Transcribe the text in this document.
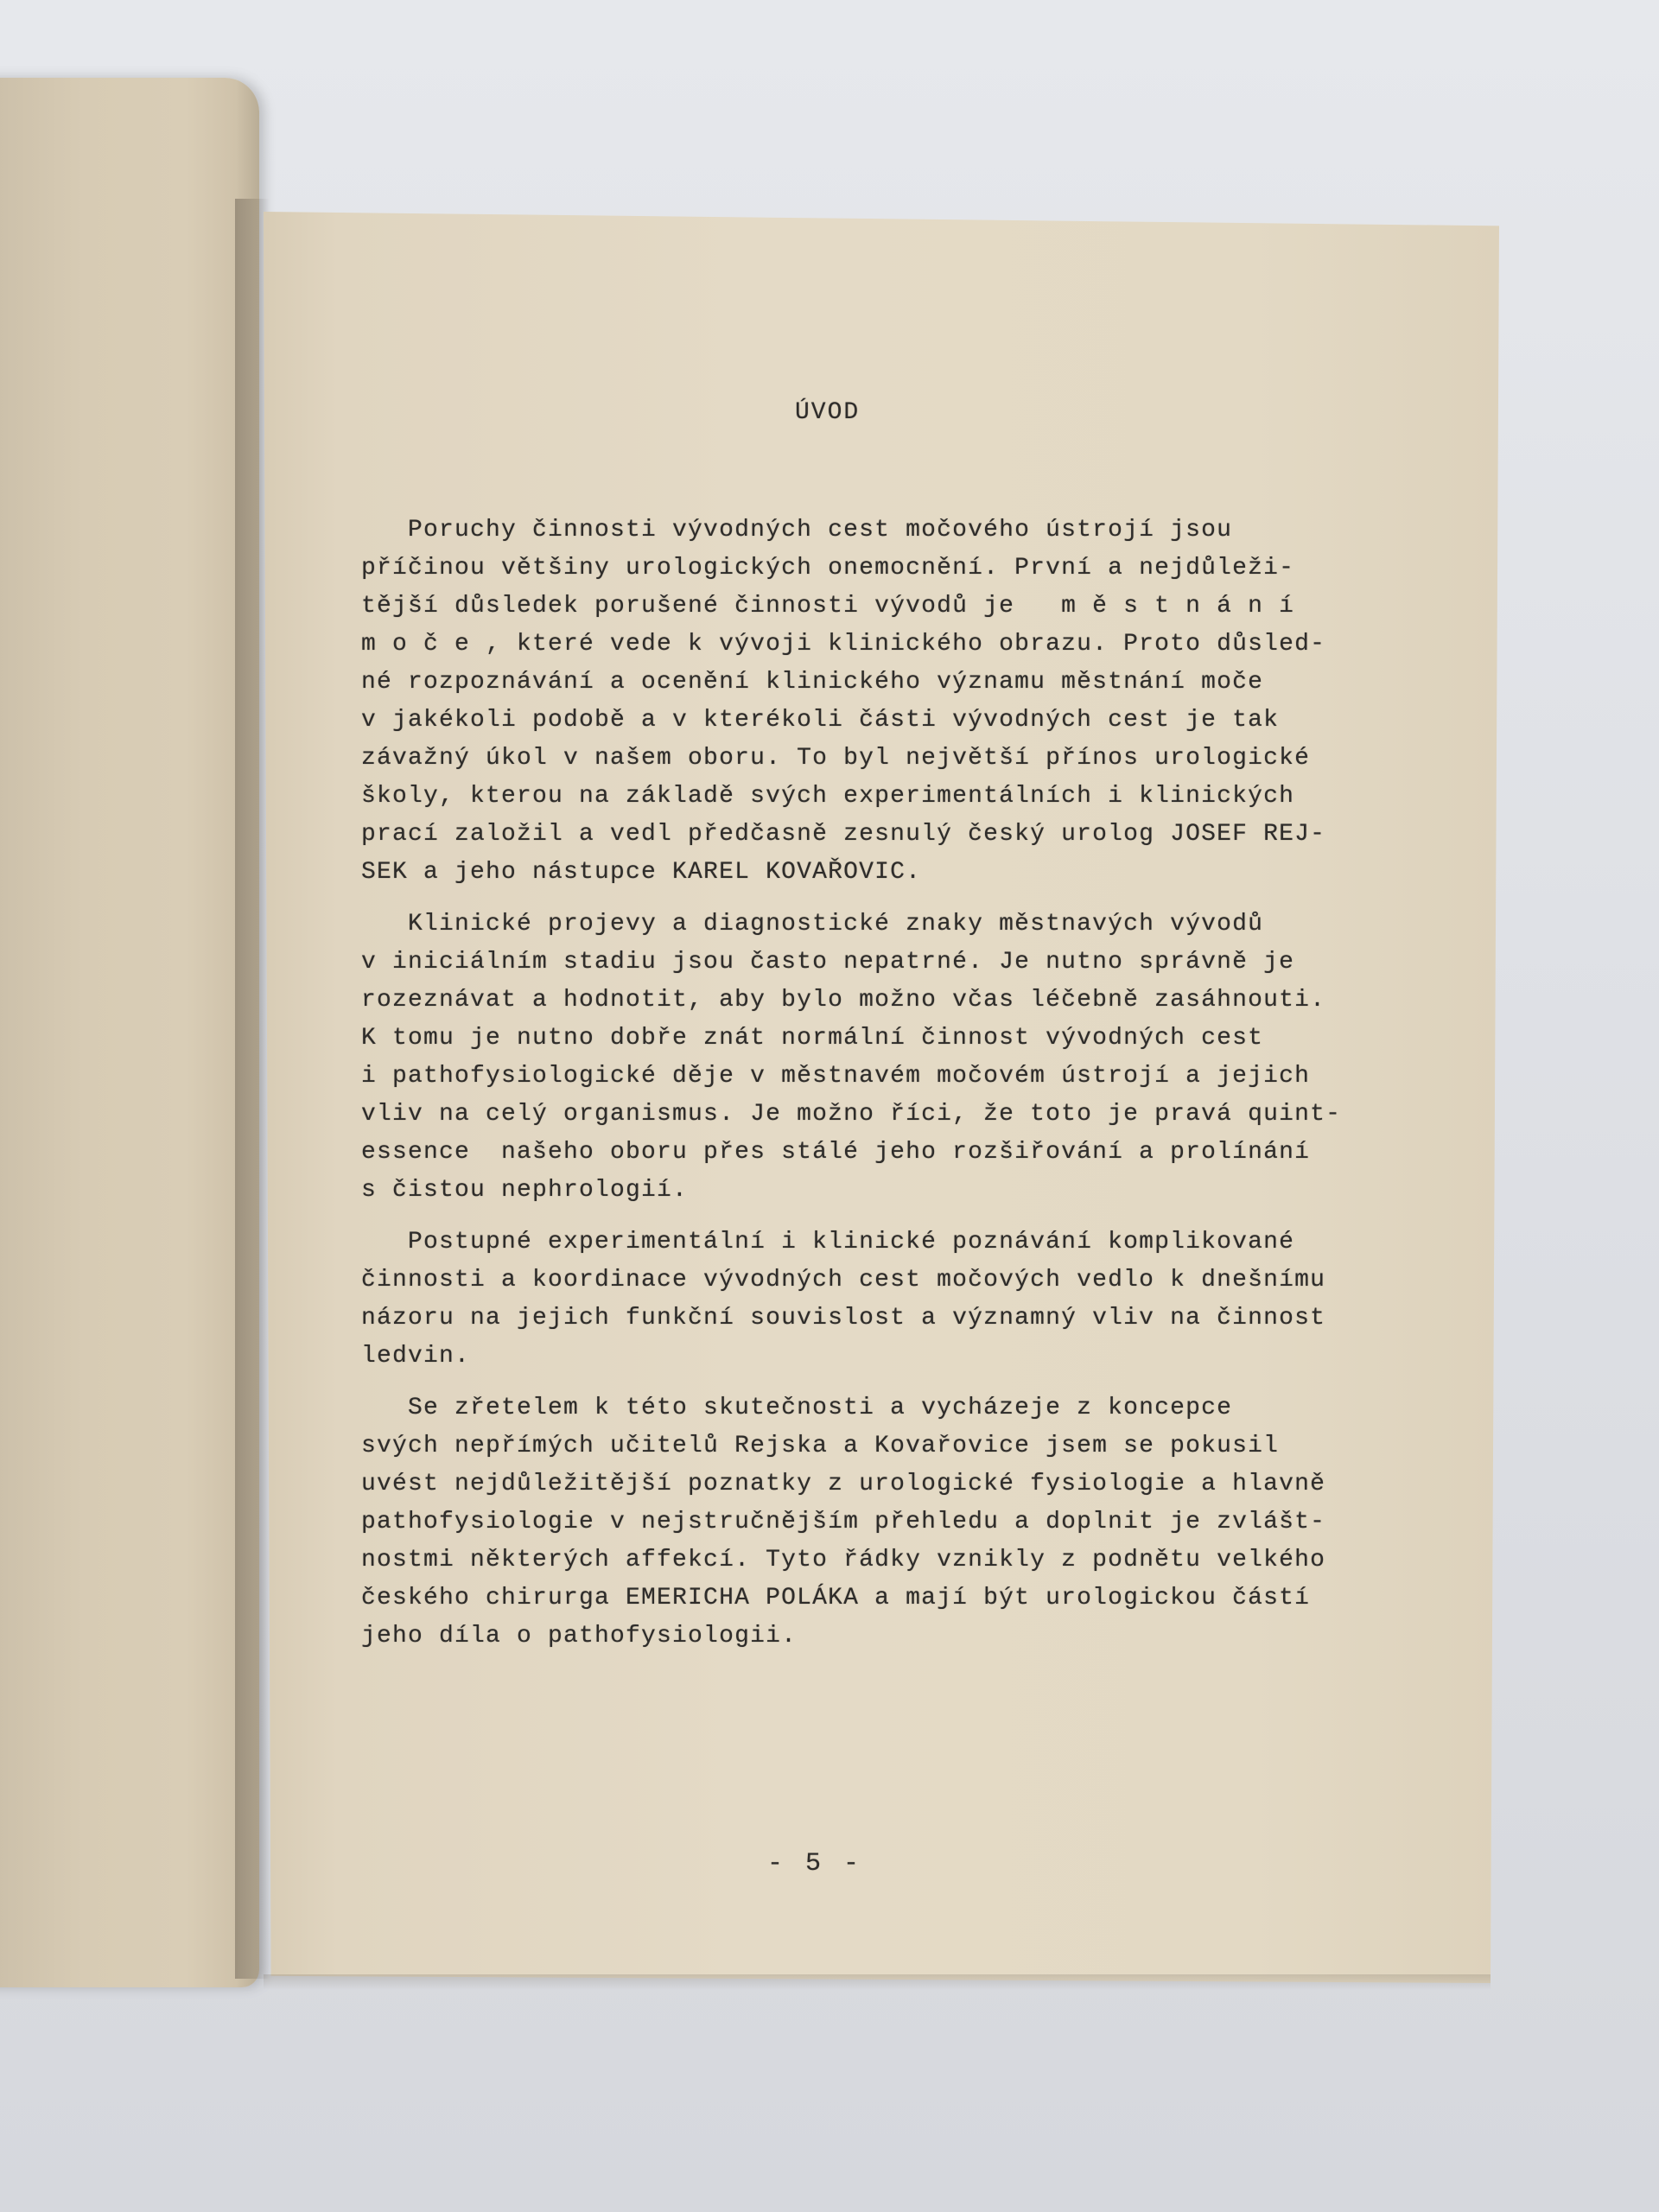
ÚVOD
Poruchy činnosti vývodných cest močového ústrojí jsou
příčinou většiny urologických onemocnění. První a nejdůleži-
tější důsledek porušené činnosti vývodů je   m ě s t n á n í
m o č e , které vede k vývoji klinického obrazu. Proto důsled-
né rozpoznávání a ocenění klinického významu městnání moče
v jakékoli podobě a v kterékoli části vývodných cest je tak
závažný úkol v našem oboru. To byl největší přínos urologické
školy, kterou na základě svých experimentálních i klinických
prací založil a vedl předčasně zesnulý český urolog JOSEF REJ-
SEK a jeho nástupce KAREL KOVAŘOVIC.
Klinické projevy a diagnostické znaky městnavých vývodů
v iniciálním stadiu jsou často nepatrné. Je nutno správně je
rozeznávat a hodnotit, aby bylo možno včas léčebně zasáhnouti.
K tomu je nutno dobře znát normální činnost vývodných cest
i pathofysiologické děje v městnavém močovém ústrojí a jejich
vliv na celý organismus. Je možno říci, že toto je pravá quint-
essence  našeho oboru přes stálé jeho rozšiřování a prolínání
s čistou nephrologií.
Postupné experimentální i klinické poznávání komplikované
činnosti a koordinace vývodných cest močových vedlo k dnešnímu
názoru na jejich funkční souvislost a významný vliv na činnost
ledvin.
Se zřetelem k této skutečnosti a vycházeje z koncepce
svých nepřímých učitelů Rejska a Kovařovice jsem se pokusil
uvést nejdůležitější poznatky z urologické fysiologie a hlavně
pathofysiologie v nejstručnějším přehledu a doplnit je zvlášt-
nostmi některých affekcí. Tyto řádky vznikly z podnětu velkého
českého chirurga EMERICHA POLÁKA a mají být urologickou částí
jeho díla o pathofysiologii.
- 5 -
